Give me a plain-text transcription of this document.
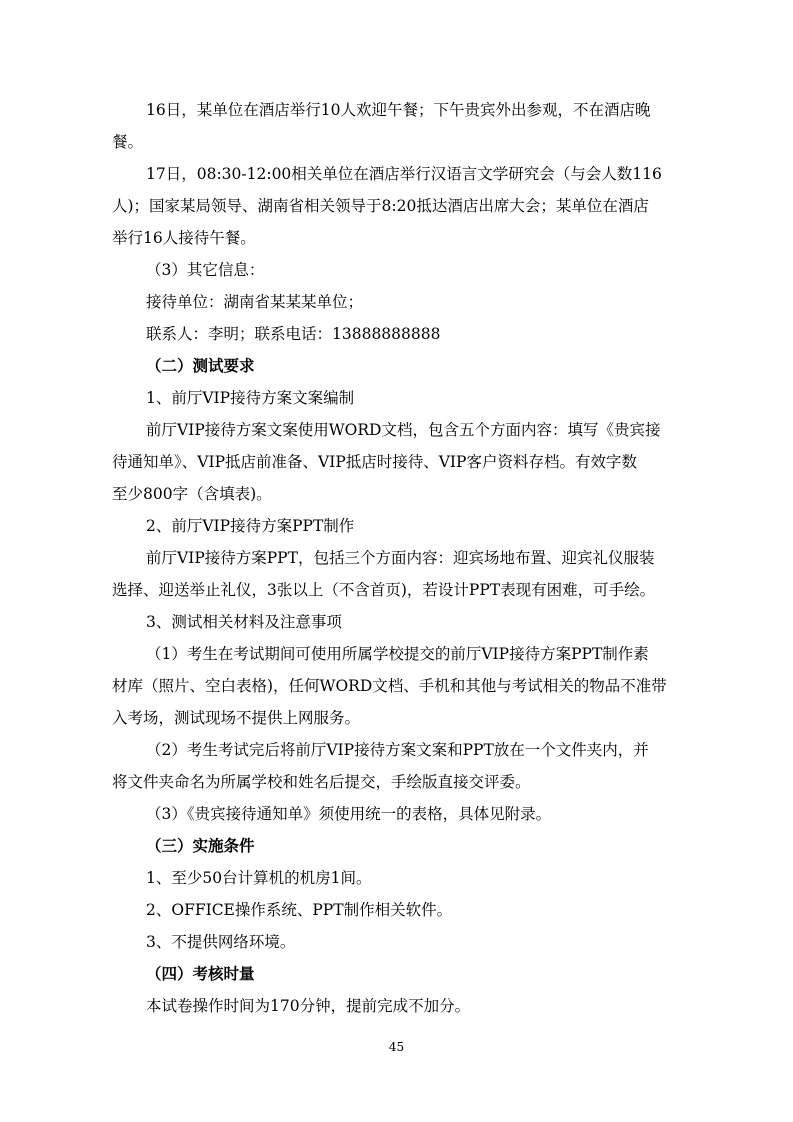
16日，某单位在酒店举行10人欢迎午餐；下午贵宾外出参观，不在酒店晚
餐。
17日，08:30-12:00相关单位在酒店举行汉语言文学研究会（与会人数116
人)；国家某局领导、湖南省相关领导于8:20抵达酒店出席大会；某单位在酒店
举行16人接待午餐。
（3）其它信息：
接待单位：湖南省某某某单位；
联系人：李明；联系电话：13888888888
（二）测试要求
1、前厅VIP接待方案文案编制
前厅VIP接待方案文案使用WORD文档，包含五个方面内容：填写《贵宾接
待通知单》、VIP抵店前准备、VIP抵店时接待、VIP客户资料存档。有效字数
至少800字（含填表)。
2、前厅VIP接待方案PPT制作
前厅VIP接待方案PPT，包括三个方面内容：迎宾场地布置、迎宾礼仪服装
选择、迎送举止礼仪，3张以上（不含首页)，若设计PPT表现有困难，可手绘。
3、测试相关材料及注意事项
（1）考生在考试期间可使用所属学校提交的前厅VIP接待方案PPT制作素
材库（照片、空白表格)，任何WORD文档、手机和其他与考试相关的物品不准带
入考场，测试现场不提供上网服务。
（2）考生考试完后将前厅VIP接待方案文案和PPT放在一个文件夹内，并
将文件夹命名为所属学校和姓名后提交，手绘版直接交评委。
（3）《贵宾接待通知单》须使用统一的表格，具体见附录。
（三）实施条件
1、至少50台计算机的机房1间。
2、OFFICE操作系统、PPT制作相关软件。
3、不提供网络环境。
（四）考核时量
本试卷操作时间为170分钟，提前完成不加分。
45
